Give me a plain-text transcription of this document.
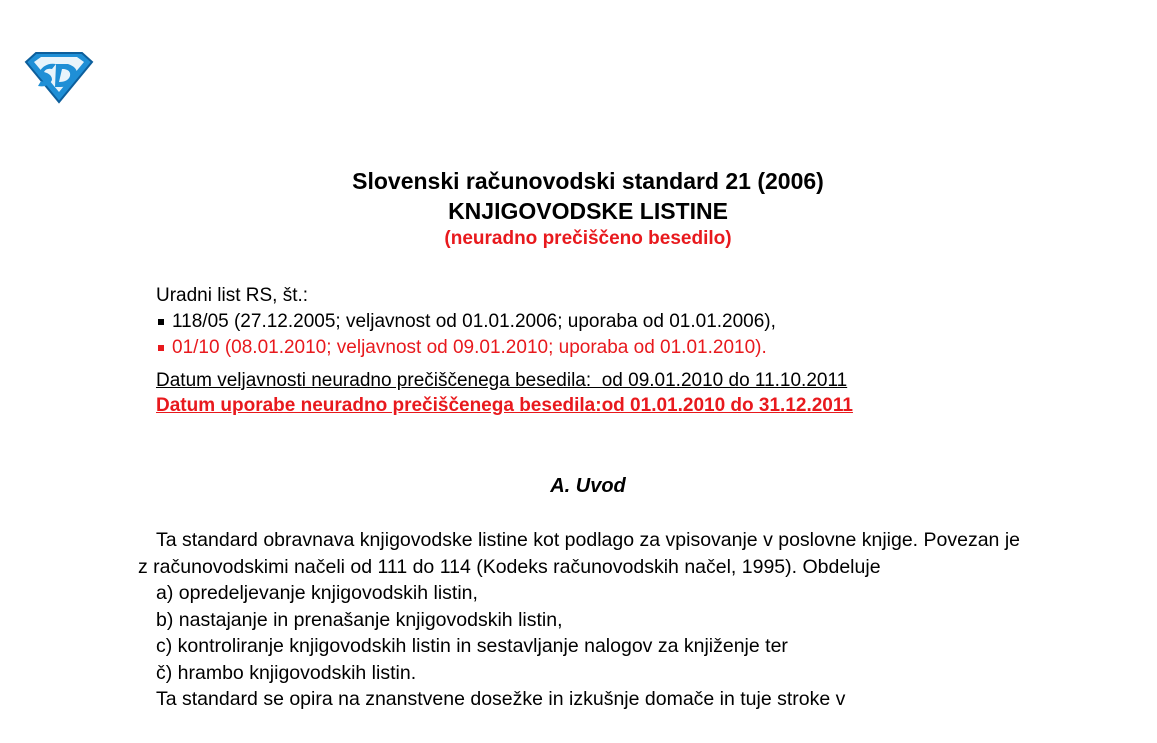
Slovenski računovodski standard 21 (2006)
KNJIGOVODSKE LISTINE
(neuradno prečiščeno besedilo)
Uradni list RS, št.:
118/05 (27.12.2005; veljavnost od 01.01.2006; uporaba od 01.01.2006),
01/10 (08.01.2010; veljavnost od 09.01.2010; uporaba od 01.01.2010).
Datum veljavnosti neuradno prečiščenega besedila:  od 09.01.2010 do 11.10.2011
Datum uporabe neuradno prečiščenega besedila:od 01.01.2010 do 31.12.2011
A. Uvod

Ta standard obravnava knjigovodske listine kot podlago za vpisovanje v poslovne knjige. Povezan je z računovodskimi načeli od 111 do 114 (Kodeks računovodskih načel, 1995). Obdeluje

a) opredeljevanje knjigovodskih listin,

b) nastajanje in prenašanje knjigovodskih listin,

c) kontroliranje knjigovodskih listin in sestavljanje nalogov za knjiženje ter

č) hrambo knjigovodskih listin.

Ta standard se opira na znanstvene dosežke in izkušnje domače in tuje stroke v
